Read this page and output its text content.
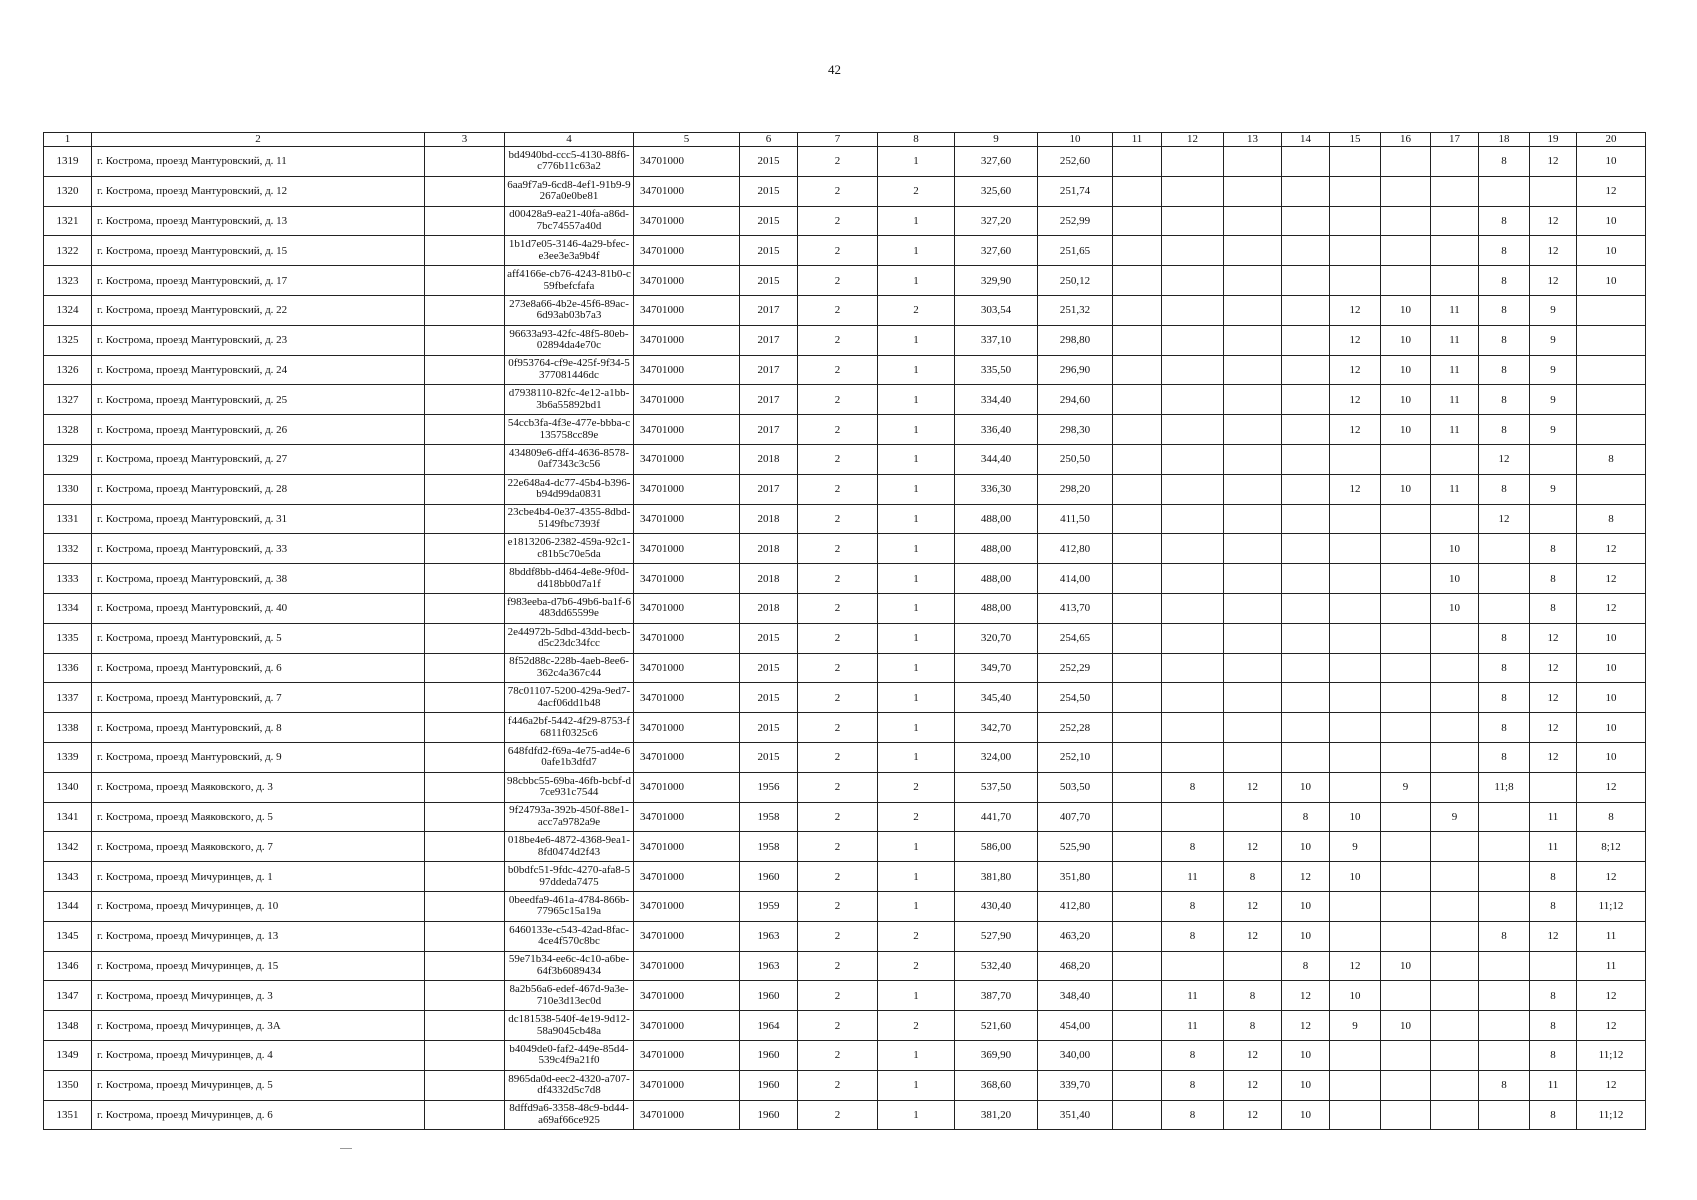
42
1	2	3	4	5	6	7	8	9	10	11	12	13	14	15	16	17	18	19	20
1319	г. Кострома, проезд Мантуровский, д. 11		bd4940bd-ccc5-4130-88f6-c776b11c63a2	34701000	2015	2	1	327,60	252,60								8	12	10
1320	г. Кострома, проезд Мантуровский, д. 12		6aa9f7a9-6cd8-4ef1-91b9-9267a0e0be81	34701000	2015	2	2	325,60	251,74										12
1321	г. Кострома, проезд Мантуровский, д. 13		d00428a9-ea21-40fa-a86d-7bc74557a40d	34701000	2015	2	1	327,20	252,99								8	12	10
1322	г. Кострома, проезд Мантуровский, д. 15		1b1d7e05-3146-4a29-bfec-e3ee3e3a9b4f	34701000	2015	2	1	327,60	251,65								8	12	10
1323	г. Кострома, проезд Мантуровский, д. 17		aff4166e-cb76-4243-81b0-c59fbefcfafa	34701000	2015	2	1	329,90	250,12								8	12	10
1324	г. Кострома, проезд Мантуровский, д. 22		273e8a66-4b2e-45f6-89ac-6d93ab03b7a3	34701000	2017	2	2	303,54	251,32					12	10	11	8	9	
1325	г. Кострома, проезд Мантуровский, д. 23		96633a93-42fc-48f5-80eb-02894da4e70c	34701000	2017	2	1	337,10	298,80					12	10	11	8	9	
1326	г. Кострома, проезд Мантуровский, д. 24		0f953764-cf9e-425f-9f34-5377081446dc	34701000	2017	2	1	335,50	296,90					12	10	11	8	9	
1327	г. Кострома, проезд Мантуровский, д. 25		d7938110-82fc-4e12-a1bb-3b6a55892bd1	34701000	2017	2	1	334,40	294,60					12	10	11	8	9	
1328	г. Кострома, проезд Мантуровский, д. 26		54ccb3fa-4f3e-477e-bbba-c135758cc89e	34701000	2017	2	1	336,40	298,30					12	10	11	8	9	
1329	г. Кострома, проезд Мантуровский, д. 27		434809e6-dff4-4636-8578-0af7343c3c56	34701000	2018	2	1	344,40	250,50								12		8
1330	г. Кострома, проезд Мантуровский, д. 28		22e648a4-dc77-45b4-b396-b94d99da0831	34701000	2017	2	1	336,30	298,20					12	10	11	8	9	
1331	г. Кострома, проезд Мантуровский, д. 31		23cbe4b4-0e37-4355-8dbd-5149fbc7393f	34701000	2018	2	1	488,00	411,50								12		8
1332	г. Кострома, проезд Мантуровский, д. 33		e1813206-2382-459a-92c1-c81b5c70e5da	34701000	2018	2	1	488,00	412,80							10		8	12
1333	г. Кострома, проезд Мантуровский, д. 38		8bddf8bb-d464-4e8e-9f0d-d418bb0d7a1f	34701000	2018	2	1	488,00	414,00							10		8	12
1334	г. Кострома, проезд Мантуровский, д. 40		f983eeba-d7b6-49b6-ba1f-6483dd65599e	34701000	2018	2	1	488,00	413,70							10		8	12
1335	г. Кострома, проезд Мантуровский, д. 5		2e44972b-5dbd-43dd-becb-d5c23dc34fcc	34701000	2015	2	1	320,70	254,65								8	12	10
1336	г. Кострома, проезд Мантуровский, д. 6		8f52d88c-228b-4aeb-8ee6-362c4a367c44	34701000	2015	2	1	349,70	252,29								8	12	10
1337	г. Кострома, проезд Мантуровский, д. 7		78c01107-5200-429a-9ed7-4acf06dd1b48	34701000	2015	2	1	345,40	254,50								8	12	10
1338	г. Кострома, проезд Мантуровский, д. 8		f446a2bf-5442-4f29-8753-f6811f0325c6	34701000	2015	2	1	342,70	252,28								8	12	10
1339	г. Кострома, проезд Мантуровский, д. 9		648fdfd2-f69a-4e75-ad4e-60afe1b3dfd7	34701000	2015	2	1	324,00	252,10								8	12	10
1340	г. Кострома, проезд Маяковского, д. 3		98cbbc55-69ba-46fb-bcbf-d7ce931c7544	34701000	1956	2	2	537,50	503,50		8	12	10		9		11;8		12
1341	г. Кострома, проезд Маяковского, д. 5		9f24793a-392b-450f-88e1-acc7a9782a9e	34701000	1958	2	2	441,70	407,70				8	10		9		11	8
1342	г. Кострома, проезд Маяковского, д. 7		018be4e6-4872-4368-9ea1-8fd0474d2f43	34701000	1958	2	1	586,00	525,90		8	12	10	9				11	8;12
1343	г. Кострома, проезд Мичуринцев, д. 1		b0bdfc51-9fdc-4270-afa8-597ddeda7475	34701000	1960	2	1	381,80	351,80		11	8	12	10				8	12
1344	г. Кострома, проезд Мичуринцев, д. 10		0beedfa9-461a-4784-866b-77965c15a19a	34701000	1959	2	1	430,40	412,80		8	12	10					8	11;12
1345	г. Кострома, проезд Мичуринцев, д. 13		6460133e-c543-42ad-8fac-4ce4f570c8bc	34701000	1963	2	2	527,90	463,20		8	12	10				8	12	11
1346	г. Кострома, проезд Мичуринцев, д. 15		59e71b34-ee6c-4c10-a6be-64f3b6089434	34701000	1963	2	2	532,40	468,20				8	12	10				11
1347	г. Кострома, проезд Мичуринцев, д. 3		8a2b56a6-edef-467d-9a3e-710e3d13ec0d	34701000	1960	2	1	387,70	348,40		11	8	12	10				8	12
1348	г. Кострома, проезд Мичуринцев, д. 3А		dc181538-540f-4e19-9d12-58a9045cb48a	34701000	1964	2	2	521,60	454,00		11	8	12	9	10			8	12
1349	г. Кострома, проезд Мичуринцев, д. 4		b4049de0-faf2-449e-85d4-539c4f9a21f0	34701000	1960	2	1	369,90	340,00		8	12	10					8	11;12
1350	г. Кострома, проезд Мичуринцев, д. 5		8965da0d-eec2-4320-a707-df4332d5c7d8	34701000	1960	2	1	368,60	339,70		8	12	10				8	11	12
1351	г. Кострома, проезд Мичуринцев, д. 6		8dffd9a6-3358-48c9-bd44-a69af66ce925	34701000	1960	2	1	381,20	351,40		8	12	10					8	11;12
